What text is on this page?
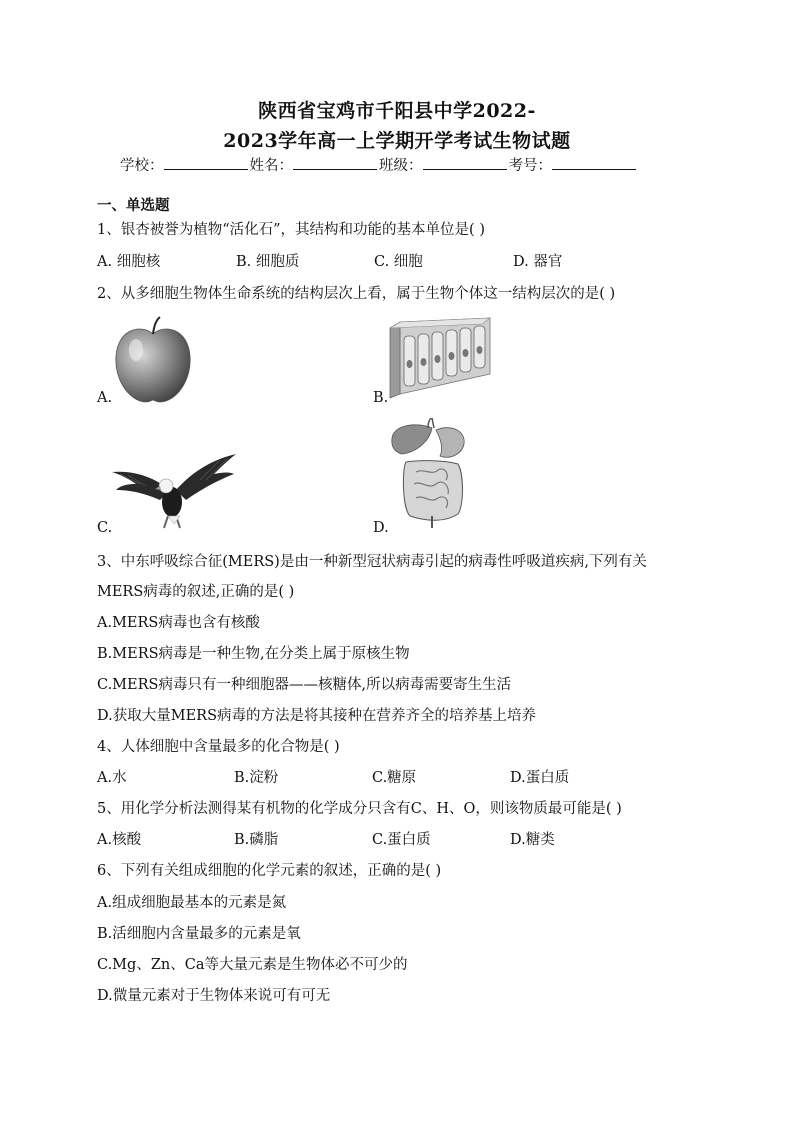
陕西省宝鸡市千阳县中学2022-
2023学年高一上学期开学考试生物试题
学校：	姓名：	班级：	考号：
一、单选题
1、银杏被誉为植物“活化石”，其结构和功能的基本单位是( )
A. 细胞核	B. 细胞质	C. 细胞	D. 器官
2、从多细胞生物体生命系统的结构层次上看，属于生物个体这一结构层次的是( )
A.	B.
C.	D.
3、中东呼吸综合征(MERS)是由一种新型冠状病毒引起的病毒性呼吸道疾病,下列有关
MERS病毒的叙述,正确的是( )
A.MERS病毒也含有核酸
B.MERS病毒是一种生物,在分类上属于原核生物
C.MERS病毒只有一种细胞器——核糖体,所以病毒需要寄生生活
D.获取大量MERS病毒的方法是将其接种在营养齐全的培养基上培养
4、人体细胞中含量最多的化合物是( )
A.水	B.淀粉	C.糖原	D.蛋白质
5、用化学分析法测得某有机物的化学成分只含有C、H、O，则该物质最可能是( )
A.核酸	B.磷脂	C.蛋白质	D.糖类
6、下列有关组成细胞的化学元素的叙述，正确的是( )
A.组成细胞最基本的元素是氮
B.活细胞内含量最多的元素是氧
C.Mg、Zn、Ca等大量元素是生物体必不可少的
D.微量元素对于生物体来说可有可无
